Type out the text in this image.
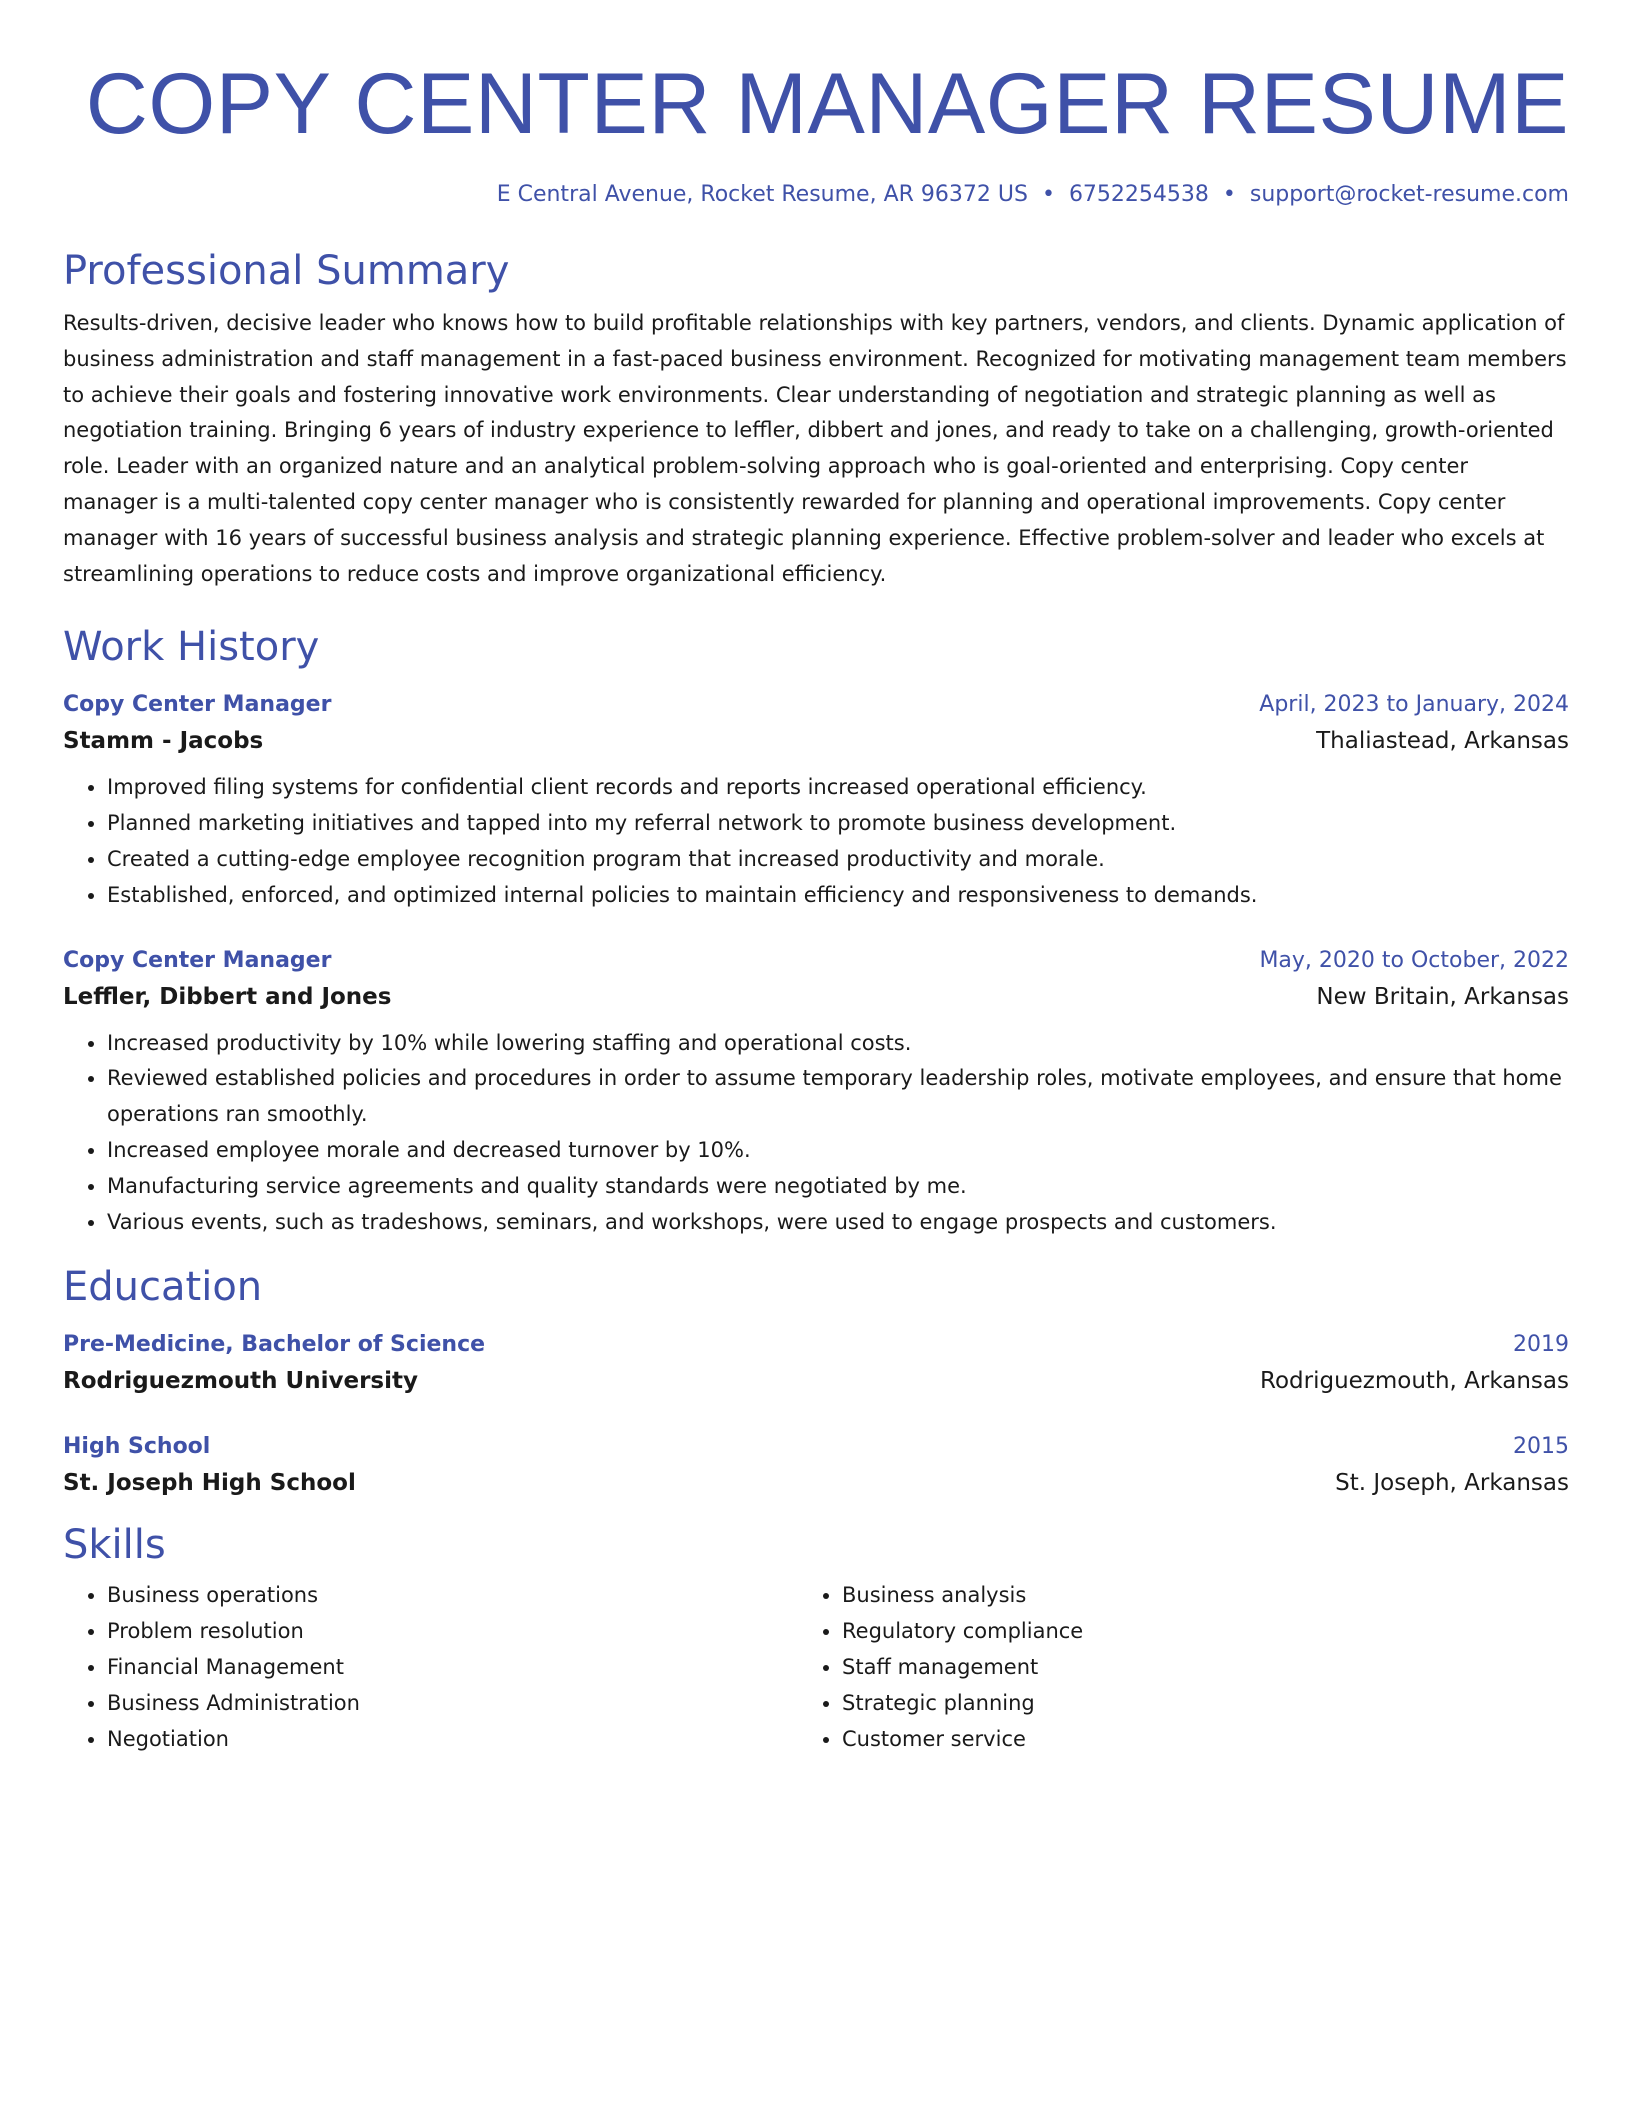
COPY CENTER MANAGER RESUME
E Central Avenue, Rocket Resume, AR 96372 US • 6752254538 • support@rocket-resume.com
Professional Summary

Results-driven, decisive leader who knows how to build profitable relationships with key partners, vendors, and clients. Dynamic application of business administration and staff management in a fast-paced business environment. Recognized for motivating management team members to achieve their goals and fostering innovative work environments. Clear understanding of negotiation and strategic planning as well as negotiation training. Bringing 6 years of industry experience to leffler, dibbert and jones, and ready to take on a challenging, growth-oriented role. Leader with an organized nature and an analytical problem-solving approach who is goal-oriented and enterprising. Copy center manager is a multi-talented copy center manager who is consistently rewarded for planning and operational improvements. Copy center manager with 16 years of successful business analysis and strategic planning experience. Effective problem-solver and leader who excels at streamlining operations to reduce costs and improve organizational efficiency.

Work History
Copy Center Manager	April, 2023 to January, 2024
Stamm - Jacobs	Thaliastead, Arkansas
• Improved filing systems for confidential client records and reports increased operational efficiency.
• Planned marketing initiatives and tapped into my referral network to promote business development.
• Created a cutting-edge employee recognition program that increased productivity and morale.
• Established, enforced, and optimized internal policies to maintain efficiency and responsiveness to demands.
Copy Center Manager	May, 2020 to October, 2022
Leffler, Dibbert and Jones	New Britain, Arkansas
• Increased productivity by 10% while lowering staffing and operational costs.
• Reviewed established policies and procedures in order to assume temporary leadership roles, motivate employees, and ensure that home operations ran smoothly.
• Increased employee morale and decreased turnover by 10%.
• Manufacturing service agreements and quality standards were negotiated by me.
• Various events, such as tradeshows, seminars, and workshops, were used to engage prospects and customers.
Education
Pre-Medicine, Bachelor of Science	2019
Rodriguezmouth University	Rodriguezmouth, Arkansas
High School	2015
St. Joseph High School	St. Joseph, Arkansas
Skills
• Business operations
• Problem resolution
• Financial Management
• Business Administration
• Negotiation
• Business analysis
• Regulatory compliance
• Staff management
• Strategic planning
• Customer service
